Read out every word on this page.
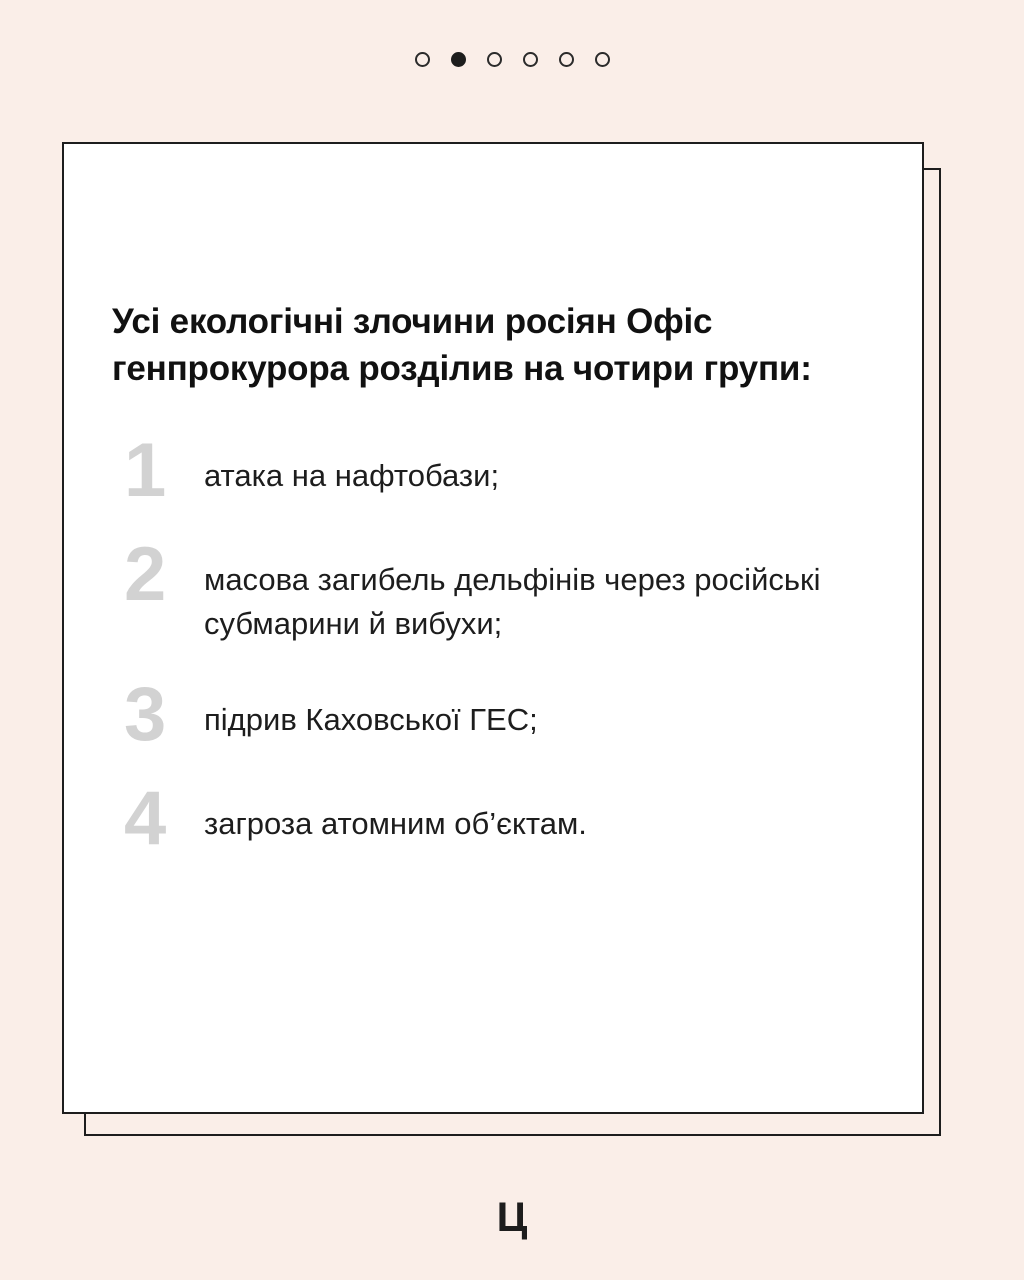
Усі екологічні злочини росіян Офіс генпрокурора розділив на чотири групи:
1	атака на нафтобази;
2	масова загибель дельфінів через російські субмарини й вибухи;
3	підрив Каховської ГЕС;
4	загроза атомним об’єктам.
Ц
